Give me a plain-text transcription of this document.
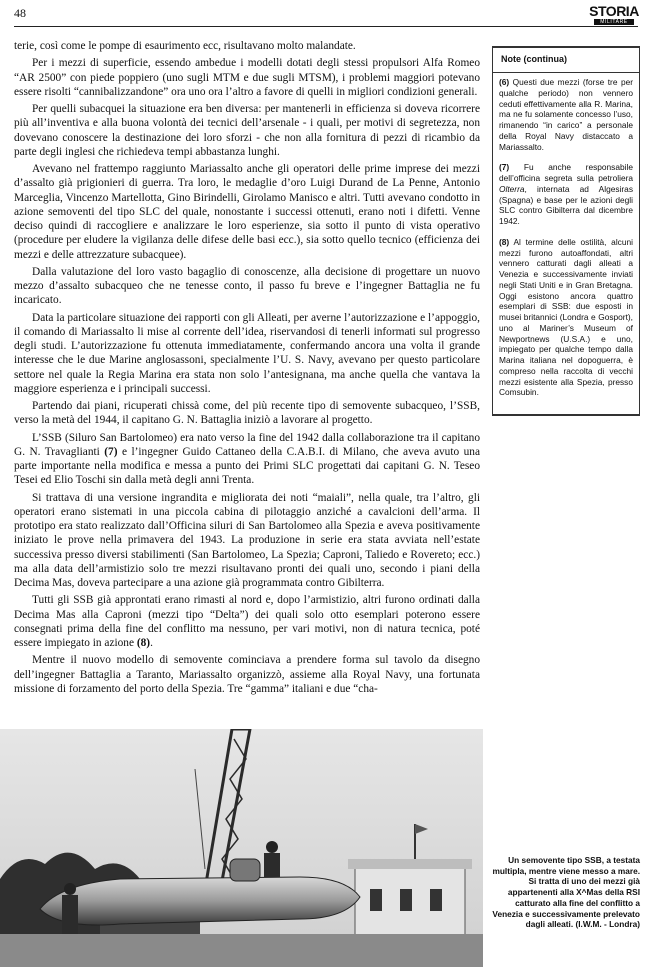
48	STORIA
MILITARE

terie, così come le pompe di esaurimento ecc, risultavano molto malandate.

Per i mezzi di superficie, essendo ambedue i modelli dotati degli stessi propulsori Alfa Romeo “AR 2500” con piede poppiero (uno sugli MTM e due sugli MTSM), i problemi maggiori potevano essere risolti “cannibalizzandone” ora uno ora l’altro a favore di quelli in migliori condizioni generali.

Per quelli subacquei la situazione era ben diversa: per mantenerli in efficienza si doveva ricorrere più all’inventiva e alla buona volontà dei tecnici dell’arsenale - i quali, per motivi di segretezza, non dovevano conoscere la destinazione dei loro sforzi - che non alla fornitura di pezzi di ricambio da parte degli inglesi che richiedeva tempi abbastanza lunghi.

Avevano nel frattempo raggiunto Mariassalto anche gli operatori delle prime imprese dei mezzi d’assalto già prigionieri di guerra. Tra loro, le medaglie d’oro Luigi Durand de La Penne, Antonio Marceglia, Vincenzo Martellotta, Gino Birindelli, Girolamo Manisco e altri. Tutti avevano condotto in azione semoventi del tipo SLC del quale, nonostante i successi ottenuti, erano noti i difetti. Venne deciso quindi di raccogliere e analizzare le loro esperienze, sia sotto il punto di vista operativo (procedure per eludere la vigilanza delle difese delle basi ecc.), sia sotto quello tecnico (efficienza dei mezzi e delle attrezzature subacquee).

Dalla valutazione del loro vasto bagaglio di conoscenze, alla decisione di progettare un nuovo mezzo d’assalto subacqueo che ne tenesse conto, il passo fu breve e l’ingegner Battaglia ne fu incaricato.

Data la particolare situazione dei rapporti con gli Alleati, per averne l’autorizzazione e l’appoggio, il comando di Mariassalto li mise al corrente dell’idea, riservandosi di tenerli informati sul progresso degli studi. L’autorizzazione fu ottenuta immediatamente, confermando ancora una volta il grande interesse che le due Marine anglosassoni, specialmente l’U. S. Navy, avevano per questo particolare settore nel quale la Regia Marina era stata non solo l’antesignana, ma anche quella che vantava la maggiore esperienza e i principali successi.

Partendo dai piani, ricuperati chissà come, del più recente tipo di semovente subacqueo, l’SSB, verso la metà del 1944, il capitano G. N. Battaglia iniziò a lavorare al progetto.

L’SSB (Siluro San Bartolomeo) era nato verso la fine del 1942 dalla collaborazione tra il capitano G. N. Travaglianti (7) e l’ingegner Guido Cattaneo della C.A.B.I. di Milano, che aveva avuto una parte importante nella modifica e messa a punto dei Primi SLC progettati dai capitani G. N. Teseo Tesei ed Elio Toschi sin dalla metà degli anni Trenta.

Si trattava di una versione ingrandita e migliorata dei noti “maiali”, nella quale, tra l’altro, gli operatori erano sistemati in una piccola cabina di pilotaggio anziché a cavalcioni dell’arma. Il prototipo era stato realizzato dall’Officina siluri di San Bartolomeo alla Spezia e aveva positivamente iniziato le prove nella primavera del 1943. La produzione in serie era stata avviata nell’estate successiva presso diversi stabilimenti (San Bartolomeo, La Spezia; Caproni, Taliedo e Rovereto; ecc.) ma alla data dell’armistizio solo tre mezzi risultavano pronti dei quali uno, secondo i piani della Decima Mas, doveva partecipare a una azione già programmata contro Gibilterra.

Tutti gli SSB già approntati erano rimasti al nord e, dopo l’armistizio, altri furono ordinati dalla Decima Mas alla Caproni (mezzi tipo “Delta”) dei quali solo otto esemplari poterono essere consegnati prima della fine del conflitto ma nessuno, per vari motivi, non di natura tecnica, poté essere impiegato in azione (8).

Mentre il nuovo modello di semovente cominciava a prendere forma sul tavolo da disegno dell’ingegner Battaglia a Taranto, Mariassalto organizzò, assieme alla Royal Navy, una fortunata missione di forzamento del porto della Spezia. Tre “gamma” italiani e due “cha-

Note (continua)
(6) Questi due mezzi (forse tre per qualche periodo) non vennero ceduti effettivamente alla R. Marina, ma ne fu solamente concesso l’uso, rimanendo “in carico” a personale della Royal Navy distaccato a Mariassalto.
(7) Fu anche responsabile dell’officina segreta sulla petroliera Olterra, internata ad Algesiras (Spagna) e base per le azioni degli SLC contro Gibilterra dal dicembre 1942.
(8) Al termine delle ostilità, alcuni mezzi furono autoaffondati, altri vennero catturati dagli alleati a Venezia e successivamente inviati negli Stati Uniti e in Gran Bretagna. Oggi esistono ancora quattro esemplari di SSB: due esposti in musei britannici (Londra e Gosport), uno al Mariner’s Museum of Newportnews (U.S.A.) e uno, impiegato per qualche tempo dalla Marina italiana nel dopoguerra, è compreso nella raccolta di vecchi mezzi esistente alla Spezia, presso Comsubin.
Un semovente tipo SSB, a testata multipla, mentre viene messo a mare. Si tratta di uno dei mezzi già appartenenti alla X^Mas della RSI catturato alla fine del conflitto a Venezia e successivamente prelevato dagli alleati. (I.W.M. - Londra)
